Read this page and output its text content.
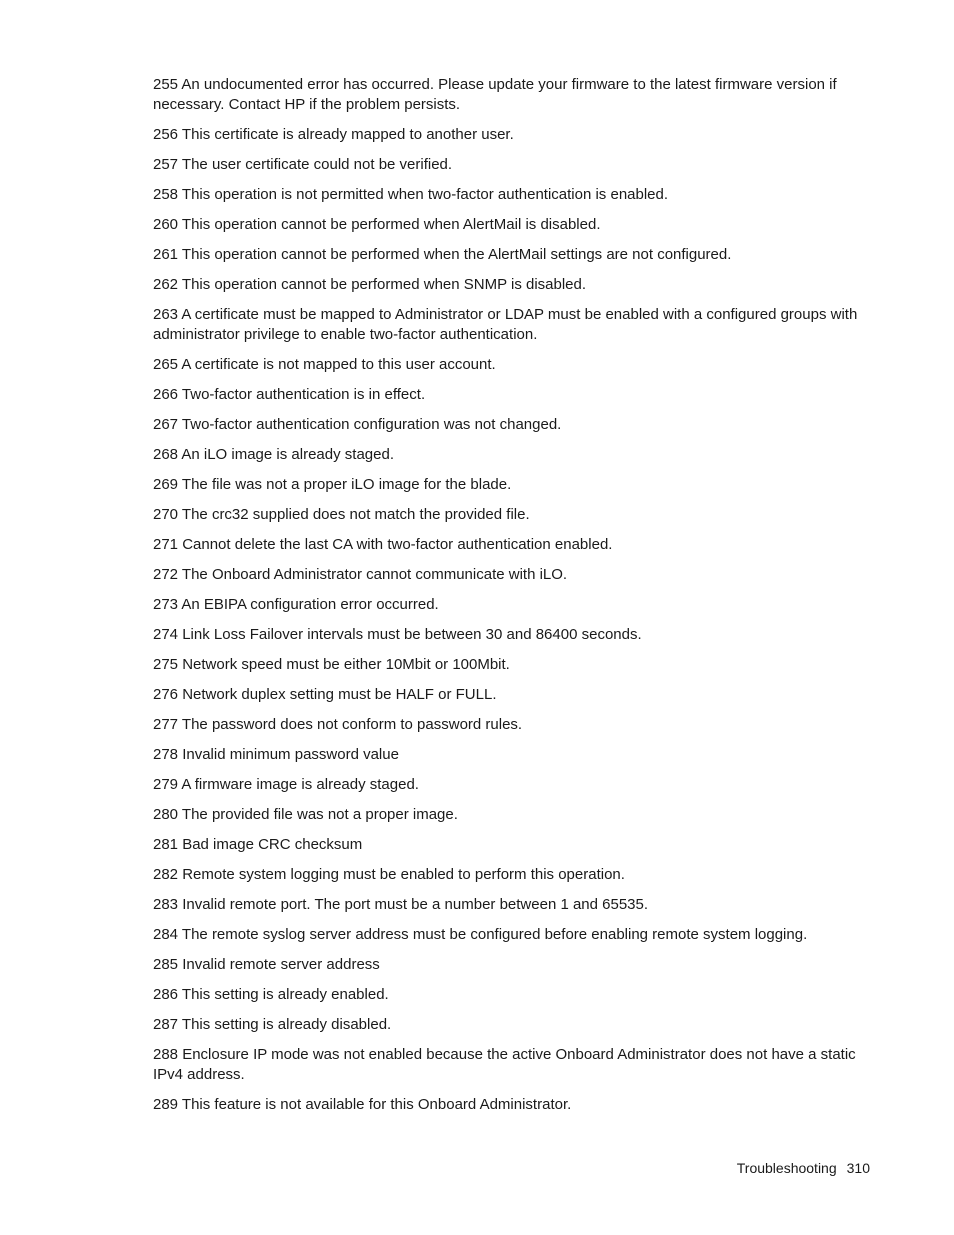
255 An undocumented error has occurred. Please update your firmware to the latest firmware version if necessary. Contact HP if the problem persists.
256 This certificate is already mapped to another user.
257 The user certificate could not be verified.
258 This operation is not permitted when two-factor authentication is enabled.
260 This operation cannot be performed when AlertMail is disabled.
261 This operation cannot be performed when the AlertMail settings are not configured.
262 This operation cannot be performed when SNMP is disabled.
263 A certificate must be mapped to Administrator or LDAP must be enabled with a configured groups with administrator privilege to enable two-factor authentication.
265 A certificate is not mapped to this user account.
266 Two-factor authentication is in effect.
267 Two-factor authentication configuration was not changed.
268 An iLO image is already staged.
269 The file was not a proper iLO image for the blade.
270 The crc32 supplied does not match the provided file.
271 Cannot delete the last CA with two-factor authentication enabled.
272 The Onboard Administrator cannot communicate with iLO.
273 An EBIPA configuration error occurred.
274 Link Loss Failover intervals must be between 30 and 86400 seconds.
275 Network speed must be either 10Mbit or 100Mbit.
276 Network duplex setting must be HALF or FULL.
277 The password does not conform to password rules.
278 Invalid minimum password value
279 A firmware image is already staged.
280 The provided file was not a proper image.
281 Bad image CRC checksum
282 Remote system logging must be enabled to perform this operation.
283 Invalid remote port. The port must be a number between 1 and 65535.
284 The remote syslog server address must be configured before enabling remote system logging.
285 Invalid remote server address
286 This setting is already enabled.
287 This setting is already disabled.
288 Enclosure IP mode was not enabled because the active Onboard Administrator does not have a static IPv4 address.
289 This feature is not available for this Onboard Administrator.
Troubleshooting 310
